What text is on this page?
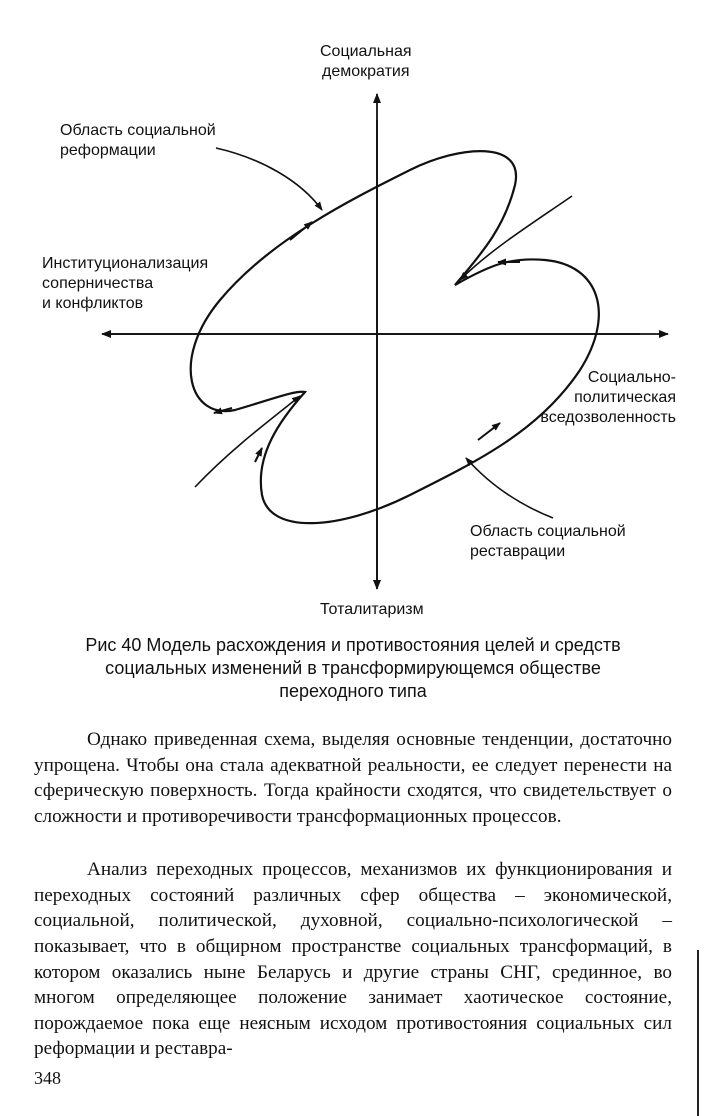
Социальная
демократия
Область социальной
реформации
Институционализация
соперничества
и конфликтов
Социально-
политическая
вседозволенность
Область социальной
реставрации
Тоталитаризм
Рис 40 Модель расхождения и противостояния целей и средств
социальных изменений в трансформирующемся обществе
переходного типа

Однако приведенная схема, выделяя основные тенденции, достаточно упрощена. Чтобы она стала адекватной реальности, ее следует перенести на сферическую поверхность. Тогда крайности сходятся, что свидетельствует о сложности и противоречивости трансформационных процессов.

Анализ переходных процессов, механизмов их функционирования и переходных состояний различных сфер общества – экономической, социальной, политической, духовной, социально-психологической – показывает, что в общирном пространстве социальных трансформаций, в котором оказались ныне Беларусь и другие страны СНГ, срединное, во многом определяющее положение занимает хаотическое состояние, порождаемое пока еще неясным исходом противостояния социальных сил реформации и реставра-

348
